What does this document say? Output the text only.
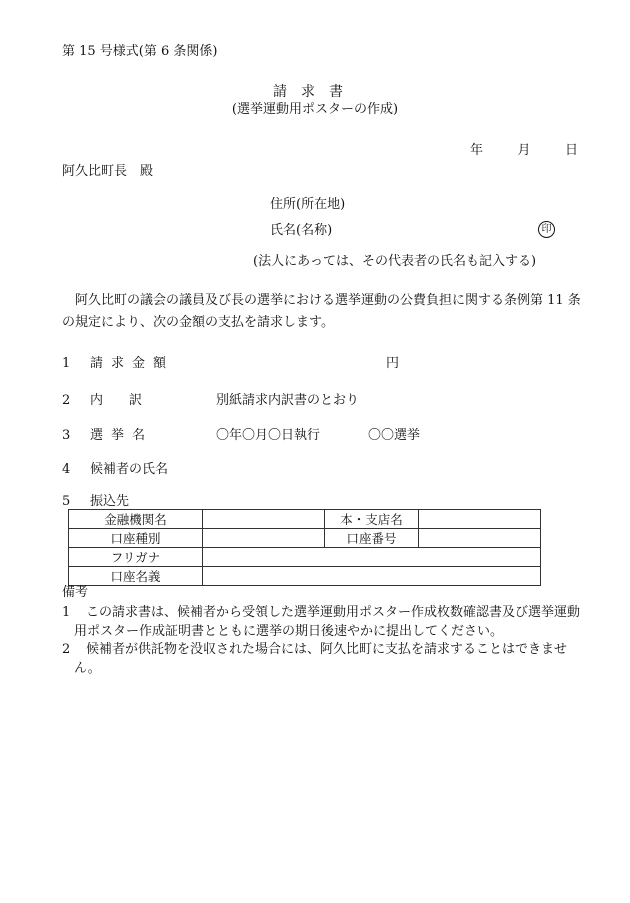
第 15 号様式(第 6 条関係)
請求書
(選挙運動用ポスターの作成)
年	月	日
阿久比町長　殿
住所(所在地)
氏名(名称)	印
(法人にあっては、その代表者の氏名も記入する)
阿久比町の議会の議員及び長の選挙における選挙運動の公費負担に関する条例第 11 条の規定により、次の金額の支払を請求します。
1 請求金額	円
2 内訳	別紙請求内訳書のとおり
3 選挙名	〇年〇月〇日執行	〇〇選挙
4 候補者の氏名
5 振込先
金融機関名		本・支店名	
口座種別		口座番号	
フリガナ			
口座名義			
備考
1 この請求書は、候補者から受領した選挙運動用ポスター作成枚数確認書及び選挙運動用ポスター作成証明書とともに選挙の期日後速やかに提出してください。
2 候補者が供託物を没収された場合には、阿久比町に支払を請求することはできません。
